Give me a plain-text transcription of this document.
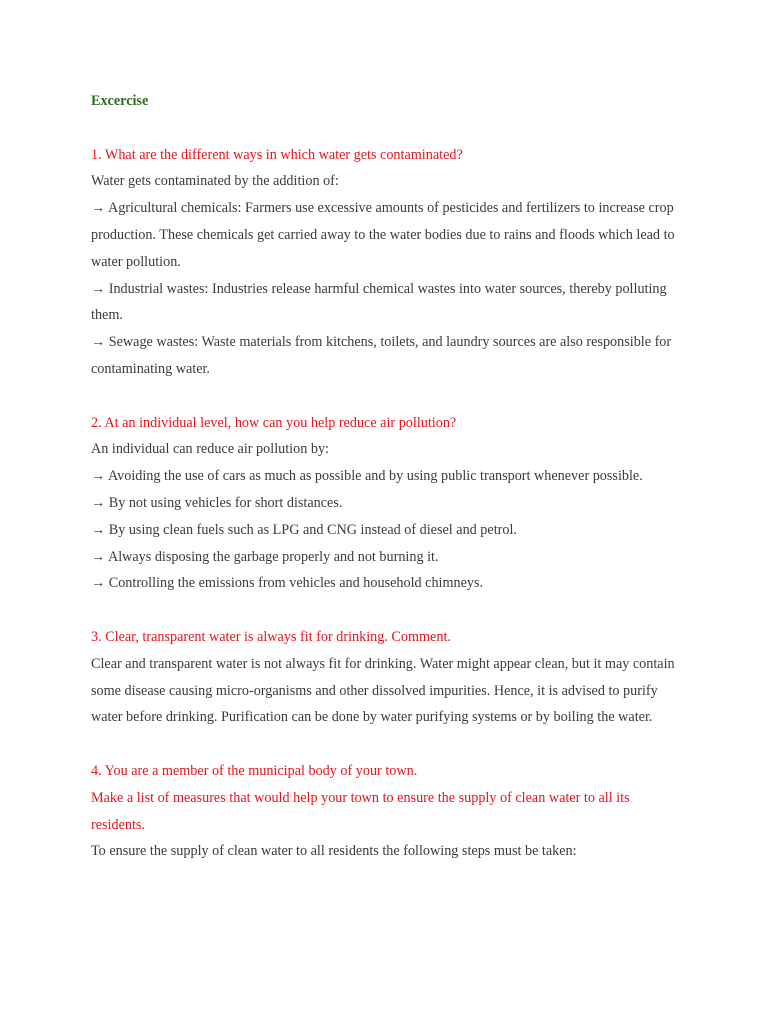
Excercise

1. What are the different ways in which water gets contaminated?

Water gets contaminated by the addition of:

→ Agricultural chemicals: Farmers use excessive amounts of pesticides and fertilizers to increase crop production. These chemicals get carried away to the water bodies due to rains and floods which lead to water pollution.

→ Industrial wastes: Industries release harmful chemical wastes into water sources, thereby polluting them.

→ Sewage wastes: Waste materials from kitchens, toilets, and laundry sources are also responsible for contaminating water.

2. At an individual level, how can you help reduce air pollution?

An individual can reduce air pollution by:

→ Avoiding the use of cars as much as possible and by using public transport whenever possible.

→ By not using vehicles for short distances.

→ By using clean fuels such as LPG and CNG instead of diesel and petrol.

→ Always disposing the garbage properly and not burning it.

→ Controlling the emissions from vehicles and household chimneys.

3. Clear, transparent water is always fit for drinking. Comment.

Clear and transparent water is not always fit for drinking. Water might appear clean, but it may contain some disease causing micro-organisms and other dissolved impurities. Hence, it is advised to purify water before drinking. Purification can be done by water purifying systems or by boiling the water.

4. You are a member of the municipal body of your town.

Make a list of measures that would help your town to ensure the supply of clean water to all its residents.

To ensure the supply of clean water to all residents the following steps must be taken:
